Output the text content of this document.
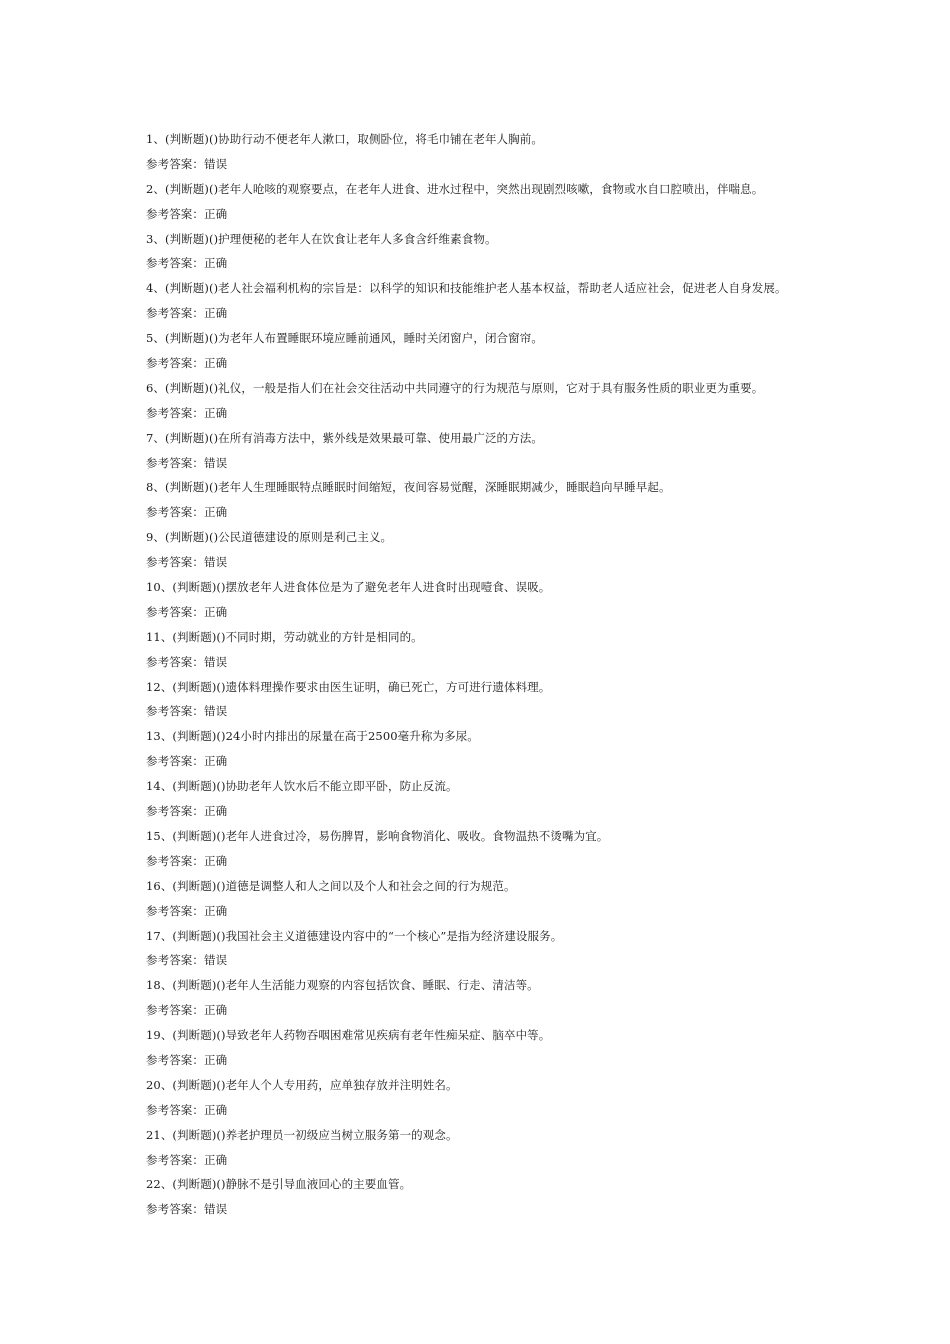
1、(判断题)()协助行动不便老年人漱口，取侧卧位，将毛巾铺在老年人胸前。
参考答案：错误
2、(判断题)()老年人呛咳的观察要点，在老年人进食、进水过程中，突然出现剧烈咳嗽，食物或水自口腔喷出，伴喘息。
参考答案：正确
3、(判断题)()护理便秘的老年人在饮食让老年人多食含纤维素食物。
参考答案：正确
4、(判断题)()老人社会福利机构的宗旨是：以科学的知识和技能维护老人基本权益，帮助老人适应社会，促进老人自身发展。
参考答案：正确
5、(判断题)()为老年人布置睡眠环境应睡前通风，睡时关闭窗户，闭合窗帘。
参考答案：正确
6、(判断题)()礼仪，一般是指人们在社会交往活动中共同遵守的行为规范与原则，它对于具有服务性质的职业更为重要。
参考答案：正确
7、(判断题)()在所有消毒方法中，紫外线是效果最可靠、使用最广泛的方法。
参考答案：错误
8、(判断题)()老年人生理睡眠特点睡眠时间缩短，夜间容易觉醒，深睡眠期减少，睡眠趋向早睡早起。
参考答案：正确
9、(判断题)()公民道德建设的原则是利己主义。
参考答案：错误
10、(判断题)()摆放老年人进食体位是为了避免老年人进食时出现噎食、误吸。
参考答案：正确
11、(判断题)()不同时期，劳动就业的方针是相同的。
参考答案：错误
12、(判断题)()遗体料理操作要求由医生证明，确已死亡，方可进行遗体料理。
参考答案：错误
13、(判断题)()24小时内排出的尿量在高于2500毫升称为多尿。
参考答案：正确
14、(判断题)()协助老年人饮水后不能立即平卧，防止反流。
参考答案：正确
15、(判断题)()老年人进食过冷，易伤脾胃，影响食物消化、吸收。食物温热不烫嘴为宜。
参考答案：正确
16、(判断题)()道德是调整人和人之间以及个人和社会之间的行为规范。
参考答案：正确
17、(判断题)()我国社会主义道德建设内容中的“一个核心”是指为经济建设服务。
参考答案：错误
18、(判断题)()老年人生活能力观察的内容包括饮食、睡眠、行走、清洁等。
参考答案：正确
19、(判断题)()导致老年人药物吞咽困难常见疾病有老年性痴呆症、脑卒中等。
参考答案：正确
20、(判断题)()老年人个人专用药，应单独存放并注明姓名。
参考答案：正确
21、(判断题)()养老护理员一初级应当树立服务第一的观念。
参考答案：正确
22、(判断题)()静脉不是引导血液回心的主要血管。
参考答案：错误
